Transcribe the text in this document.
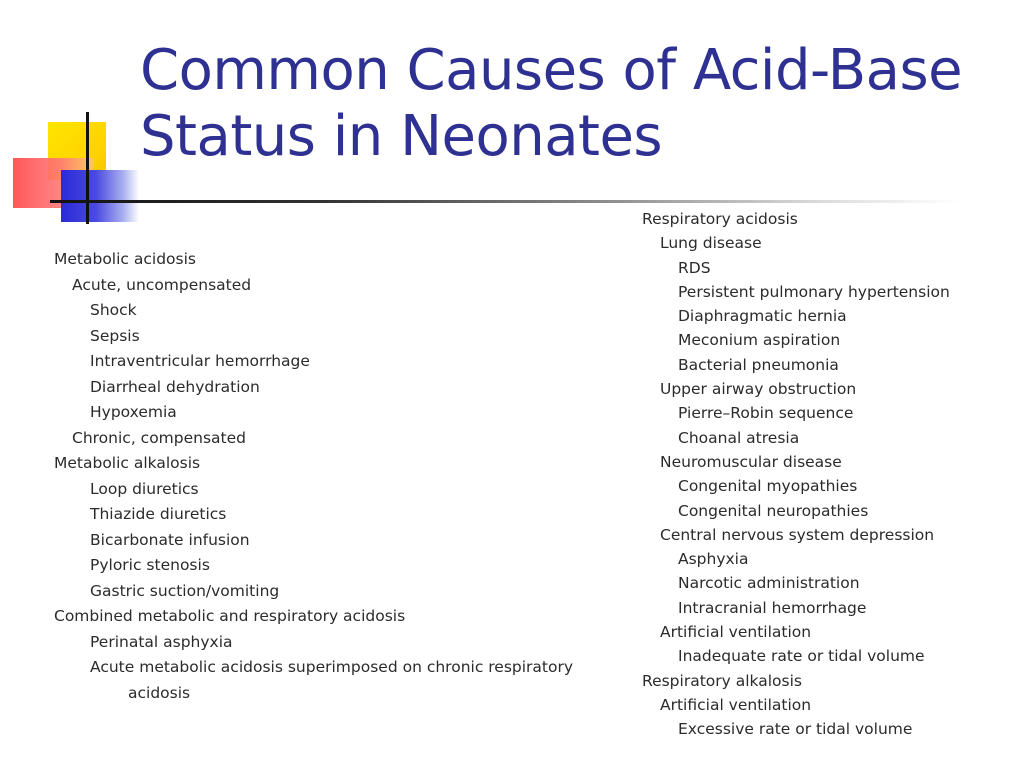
Common Causes of Acid-Base
Status in Neonates
Metabolic acidosis
Acute, uncompensated
Shock
Sepsis
Intraventricular hemorrhage
Diarrheal dehydration
Hypoxemia
Chronic, compensated
Metabolic alkalosis
Loop diuretics
Thiazide diuretics
Bicarbonate infusion
Pyloric stenosis
Gastric suction/vomiting
Combined metabolic and respiratory acidosis
Perinatal asphyxia
Acute metabolic acidosis superimposed on chronic respiratory
acidosis
Respiratory acidosis
Lung disease
RDS
Persistent pulmonary hypertension
Diaphragmatic hernia
Meconium aspiration
Bacterial pneumonia
Upper airway obstruction
Pierre–Robin sequence
Choanal atresia
Neuromuscular disease
Congenital myopathies
Congenital neuropathies
Central nervous system depression
Asphyxia
Narcotic administration
Intracranial hemorrhage
Artificial ventilation
Inadequate rate or tidal volume
Respiratory alkalosis
Artificial ventilation
Excessive rate or tidal volume
